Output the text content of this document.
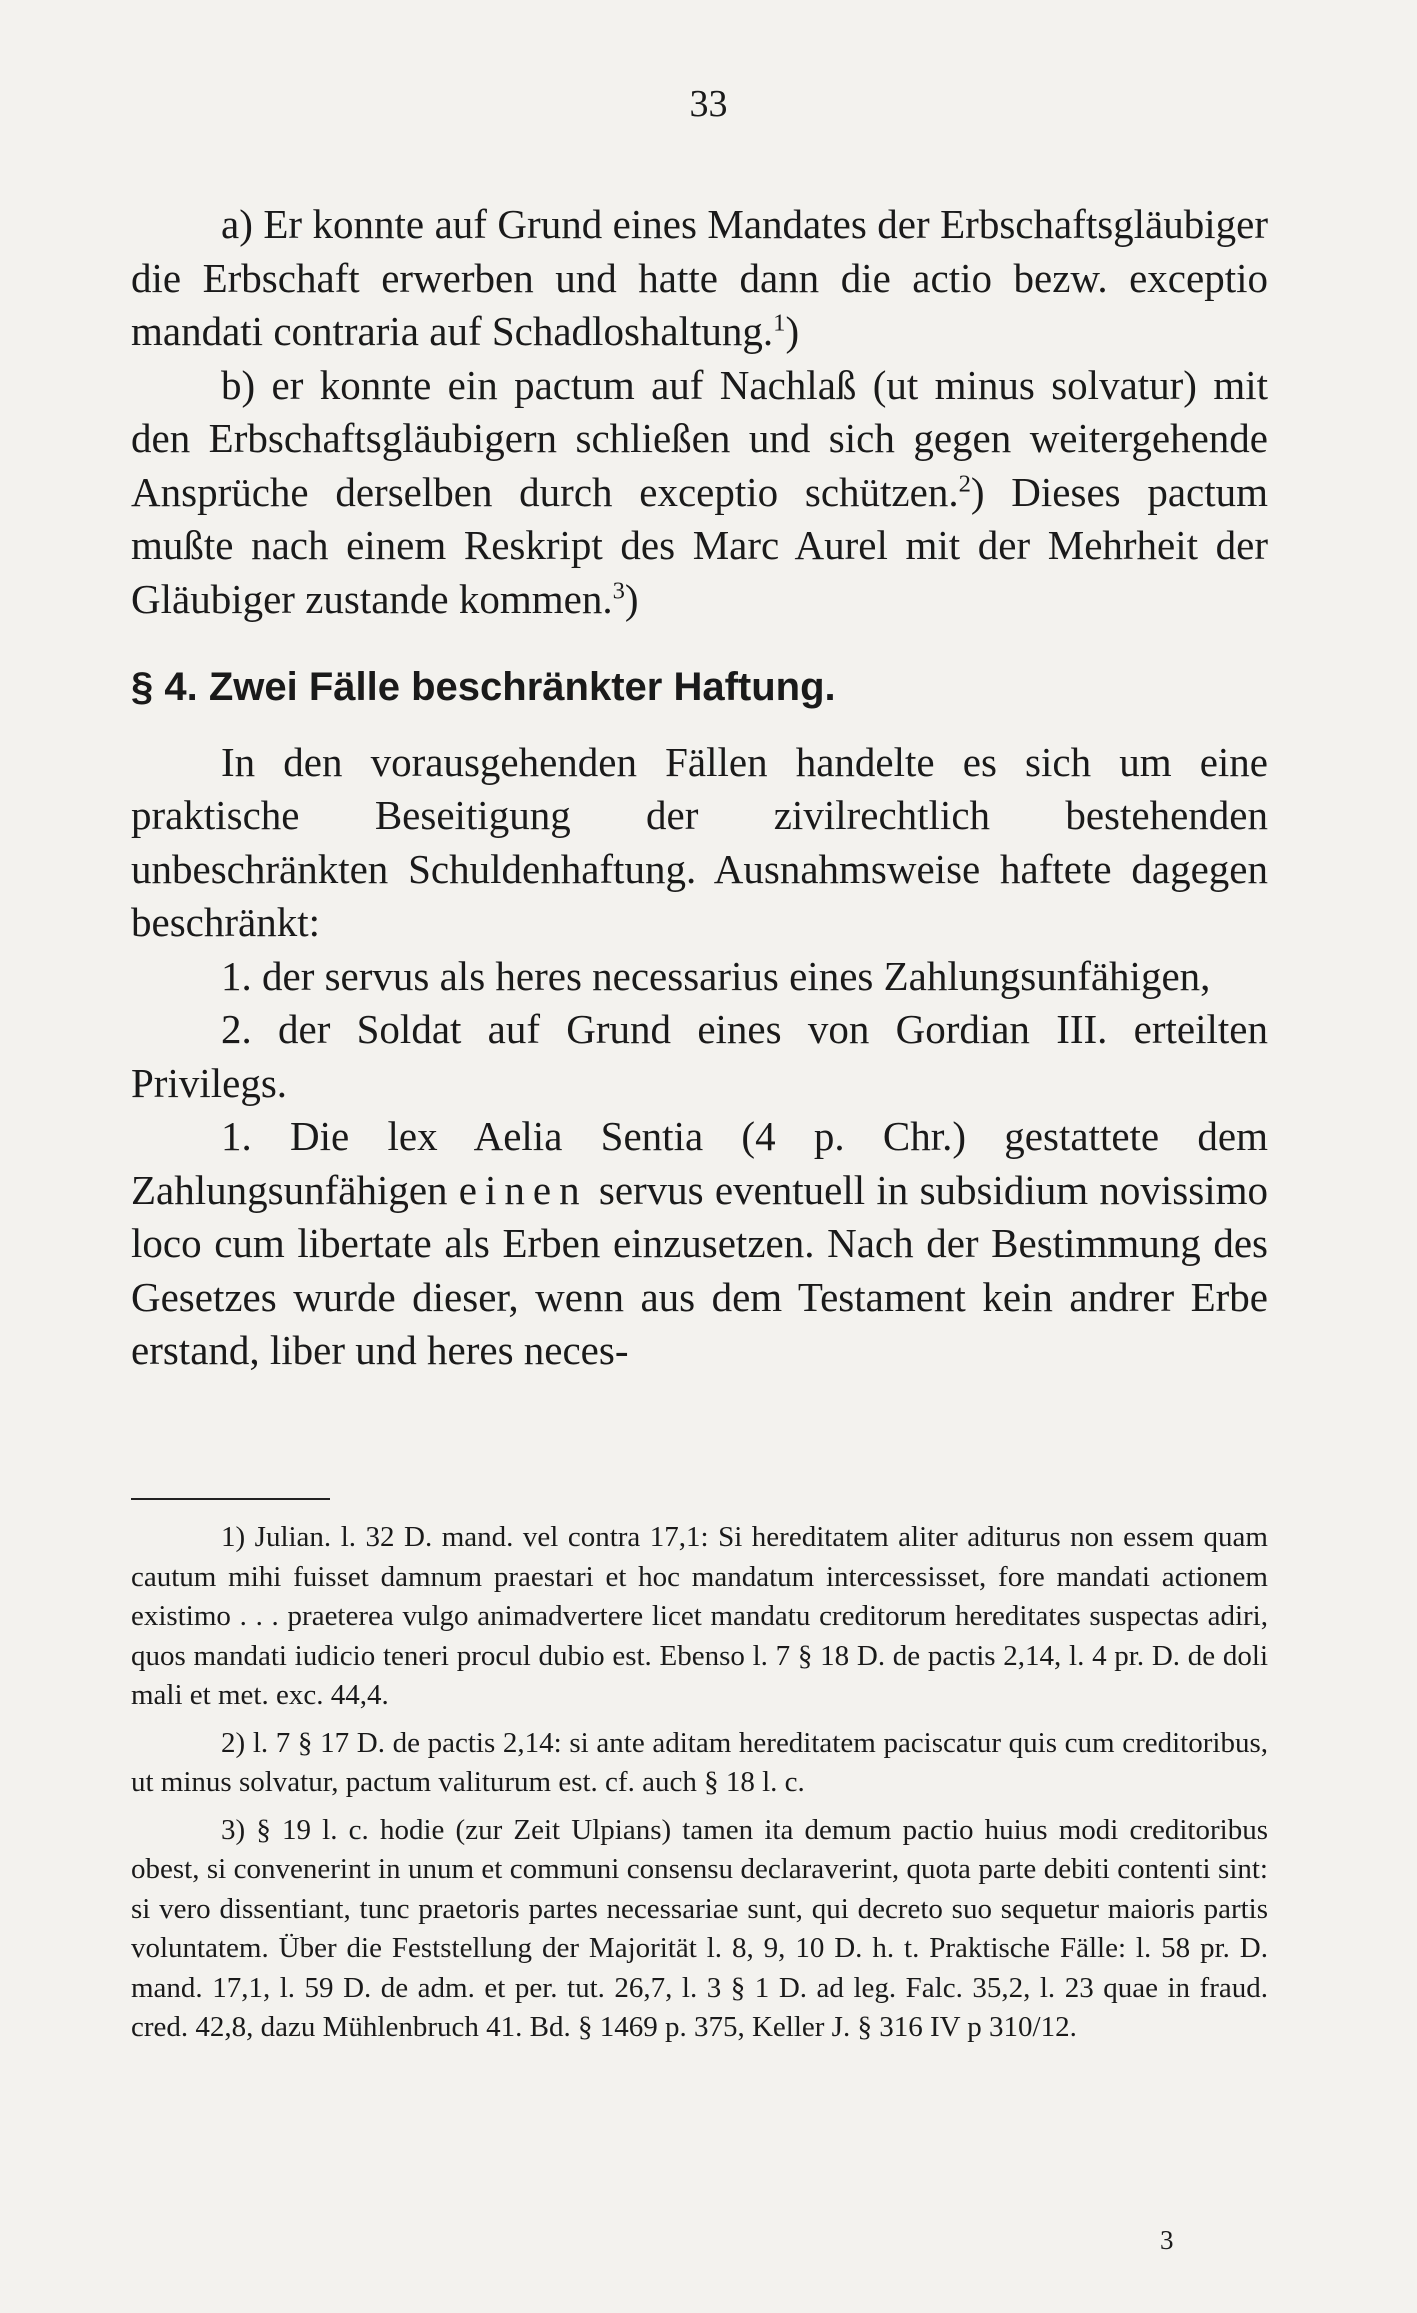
33

a) Er konnte auf Grund eines Mandates der Erbschaftsgläubiger die Erbschaft erwerben und hatte dann die actio bezw. exceptio mandati contraria auf Schadloshaltung.$^1$)

b) er konnte ein pactum auf Nachlaß (ut minus solvatur) mit den Erbschaftsgläubigern schließen und sich gegen weitergehende Ansprüche derselben durch exceptio schützen.$^2$) Dieses pactum mußte nach einem Reskript des Marc Aurel mit der Mehrheit der Gläubiger zustande kommen.$^3$)

§ 4. Zwei Fälle beschränkter Haftung.

In den vorausgehenden Fällen handelte es sich um eine praktische Beseitigung der zivilrechtlich bestehenden unbeschränkten Schuldenhaftung. Ausnahmsweise haftete dagegen beschränkt:

1. der servus als heres necessarius eines Zahlungsunfähigen,

2. der Soldat auf Grund eines von Gordian III. erteilten Privilegs.

1. Die lex Aelia Sentia (4 p. Chr.) gestattete dem Zahlungsunfähigen einen servus eventuell in subsidium novissimo loco cum libertate als Erben einzusetzen. Nach der Bestimmung des Gesetzes wurde dieser, wenn aus dem Testament kein andrer Erbe erstand, liber und heres neces-

1) Julian. l. 32 D. mand. vel contra 17,1: Si hereditatem aliter aditurus non essem quam cautum mihi fuisset damnum praestari et hoc mandatum intercessisset, fore mandati actionem existimo . . . praeterea vulgo animadvertere licet mandatu creditorum hereditates suspectas adiri, quos mandati iudicio teneri procul dubio est. Ebenso l. 7 § 18 D. de pactis 2,14, l. 4 pr. D. de doli mali et met. exc. 44,4.

2) l. 7 § 17 D. de pactis 2,14: si ante aditam hereditatem paciscatur quis cum creditoribus, ut minus solvatur, pactum valiturum est. cf. auch § 18 l. c.

3) § 19 l. c. hodie (zur Zeit Ulpians) tamen ita demum pactio huius modi creditoribus obest, si convenerint in unum et communi consensu declaraverint, quota parte debiti contenti sint: si vero dissentiant, tunc praetoris partes necessariae sunt, qui decreto suo sequetur maioris partis voluntatem. Über die Feststellung der Majorität l. 8, 9, 10 D. h. t. Praktische Fälle: l. 58 pr. D. mand. 17,1, l. 59 D. de adm. et per. tut. 26,7, l. 3 § 1 D. ad leg. Falc. 35,2, l. 23 quae in fraud. cred. 42,8, dazu Mühlenbruch 41. Bd. § 1469 p. 375, Keller J. § 316 IV p 310/12.

3
